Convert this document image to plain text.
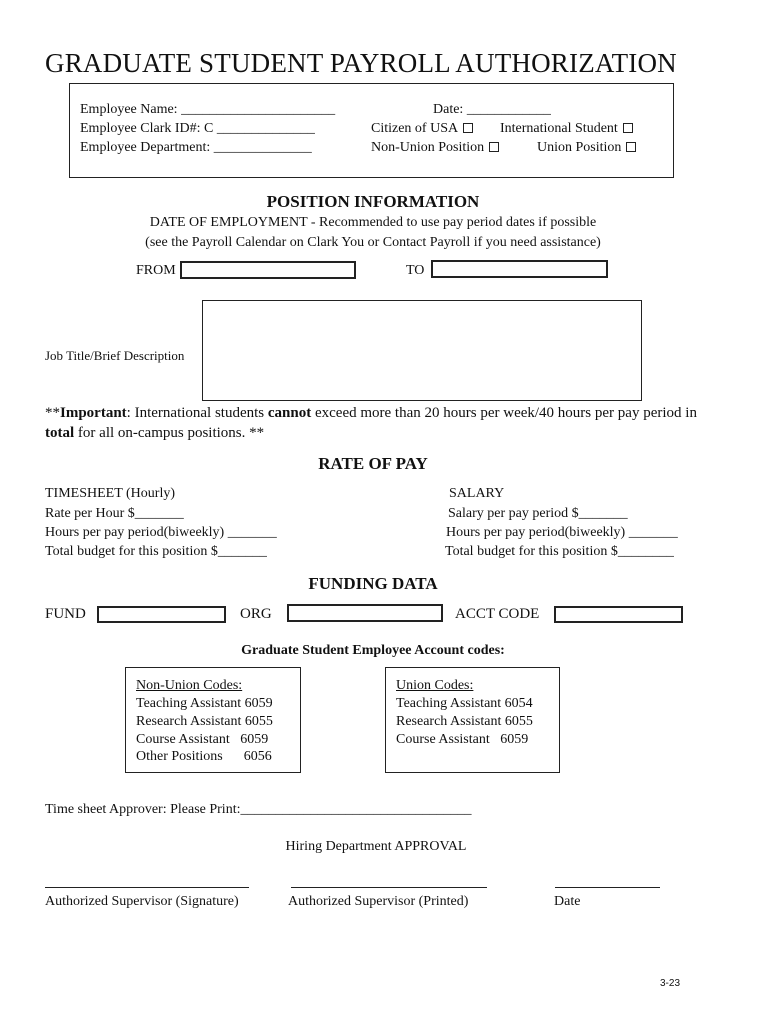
GRADUATE STUDENT PAYROLL AUTHORIZATION
Employee Name: ______________________
Employee Clark ID#: C ______________
Employee Department: ______________
Date: ____________
Citizen of USA	International Student
Non-Union Position	Union Position
POSITION INFORMATION
DATE OF EMPLOYMENT - Recommended to use pay period dates if possible
(see the Payroll Calendar on Clark You or Contact Payroll if you need assistance)
FROM	TO
Job Title/Brief Description
**Important: International students cannot exceed more than 20 hours per week/40 hours per pay period in
total for all on-campus positions. **
RATE OF PAY
TIMESHEET (Hourly)
Rate per Hour $_______
Hours per pay period(biweekly) _______
Total budget for this position $_______
SALARY
Salary per pay period $_______
Hours per pay period(biweekly) _______
Total budget for this position $________
FUNDING DATA
FUND	ORG	ACCT CODE
Graduate Student Employee Account codes:
Non-Union Codes:
Teaching Assistant 6059
Research Assistant 6055
Course Assistant   6059
Other Positions      6056
Union Codes:
Teaching Assistant 6054
Research Assistant 6055
Course Assistant   6059
Time sheet Approver: Please Print:_________________________________
Hiring Department APPROVAL
Authorized Supervisor (Signature)	Authorized Supervisor (Printed)	Date
3-23
